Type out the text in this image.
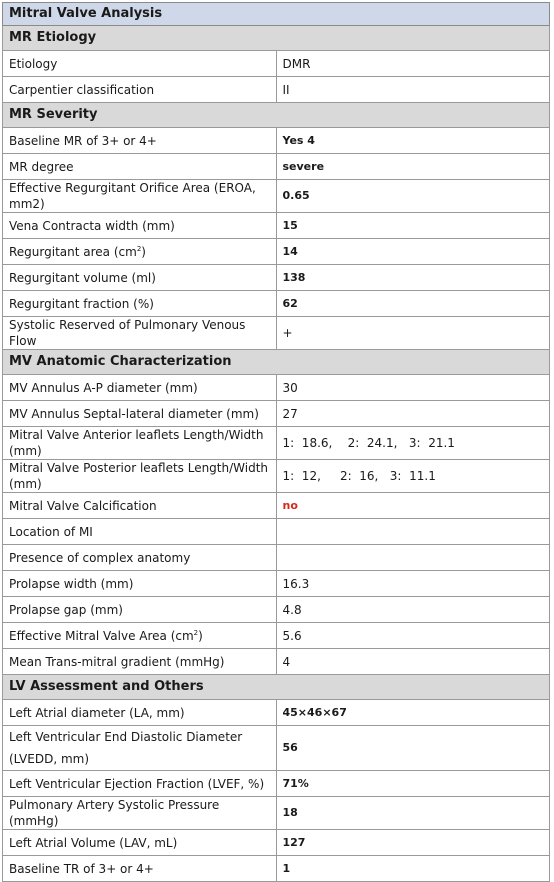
Mitral Valve Analysis	
MR Etiology	
Etiology	DMR
Carpentier classification	II
MR Severity	
Baseline MR of 3+ or 4+	Yes 4
MR degree	severe
Effective Regurgitant Orifice Area (EROA, mm2)	0.65
Vena Contracta width (mm)	15
Regurgitant area $(cm^2)$	14
Regurgitant volume (ml)	138
Regurgitant fraction (%)	62
Systolic Reserved of Pulmonary Venous Flow	+
MV Anatomic Characterization	
MV Annulus A-P diameter (mm)	30
MV Annulus Septal-lateral diameter (mm)	27
Mitral Valve Anterior leaflets Length/Width (mm)	1:  18.6,    2:  24.1,   3:  21.1
Mitral Valve Posterior leaflets Length/Width (mm)	1:  12,     2:  16,   3:  11.1
Mitral Valve Calcification	no
Location of MI	
Presence of complex anatomy	
Prolapse width (mm)	16.3
Prolapse gap (mm)	4.8
Effective Mitral Valve Area $(cm^2)$	5.6
Mean Trans-mitral gradient (mmHg)	4
LV Assessment and Others	
Left Atrial diameter (LA, mm)	45×46×67
Left Ventricular End Diastolic Diameter (LVEDD, mm)	56
Left Ventricular Ejection Fraction (LVEF, %)	71%
Pulmonary Artery Systolic Pressure (mmHg)	18
Left Atrial Volume (LAV, mL)	127
Baseline TR of 3+ or 4+	1
